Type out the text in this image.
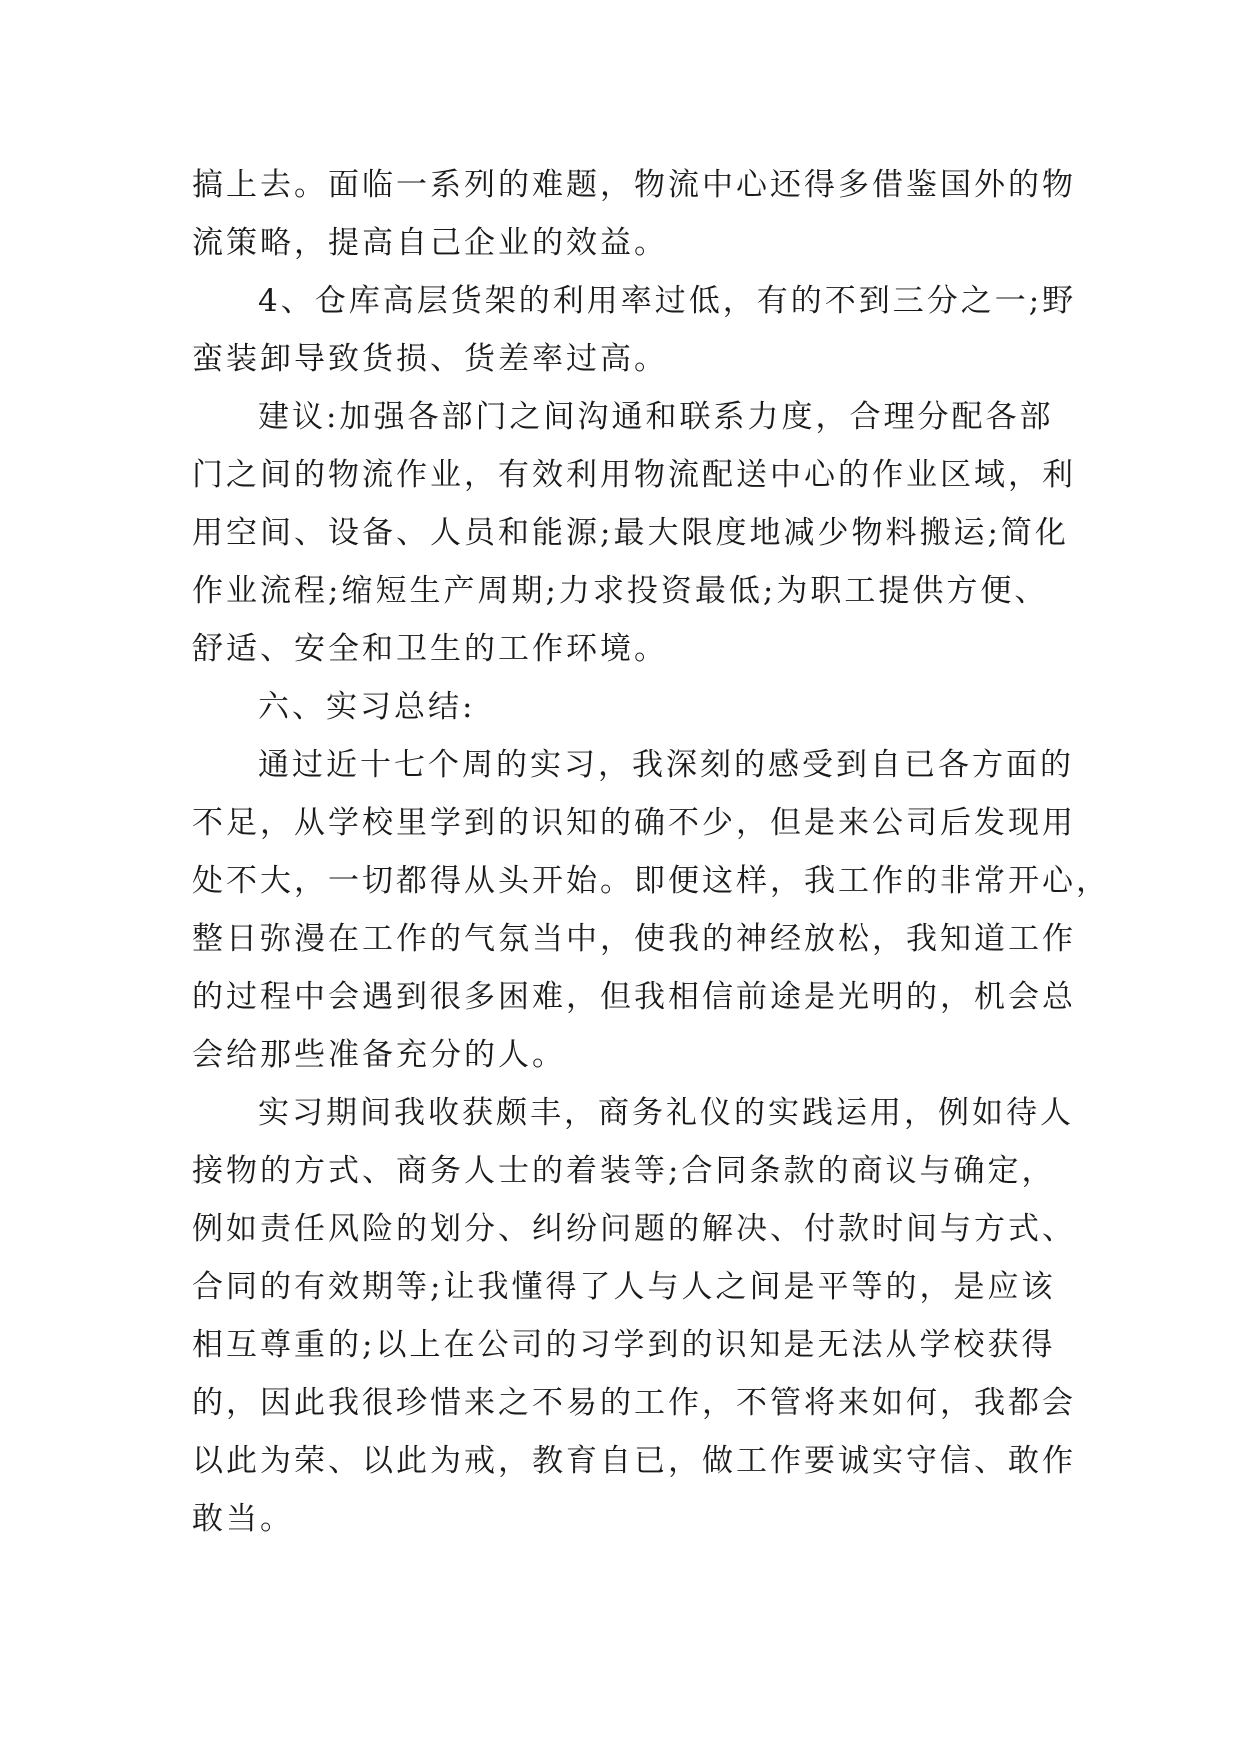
搞上去。面临一系列的难题，物流中心还得多借鉴国外的物
流策略，提高自己企业的效益。
4、仓库高层货架的利用率过低，有的不到三分之一;野
蛮装卸导致货损、货差率过高。
建议:加强各部门之间沟通和联系力度，合理分配各部
门之间的物流作业，有效利用物流配送中心的作业区域，利
用空间、设备、人员和能源;最大限度地减少物料搬运;简化
作业流程;缩短生产周期;力求投资最低;为职工提供方便、
舒适、安全和卫生的工作环境。
六、实习总结:
通过近十七个周的实习，我深刻的感受到自已各方面的
不足，从学校里学到的识知的确不少，但是来公司后发现用
处不大，一切都得从头开始。即便这样，我工作的非常开心，
整日弥漫在工作的气氛当中，使我的神经放松，我知道工作
的过程中会遇到很多困难，但我相信前途是光明的，机会总
会给那些准备充分的人。
实习期间我收获颇丰，商务礼仪的实践运用，例如待人
接物的方式、商务人士的着装等;合同条款的商议与确定，
例如责任风险的划分、纠纷问题的解决、付款时间与方式、
合同的有效期等;让我懂得了人与人之间是平等的，是应该
相互尊重的;以上在公司的习学到的识知是无法从学校获得
的，因此我很珍惜来之不易的工作，不管将来如何，我都会
以此为荣、以此为戒，教育自已，做工作要诚实守信、敢作
敢当。
